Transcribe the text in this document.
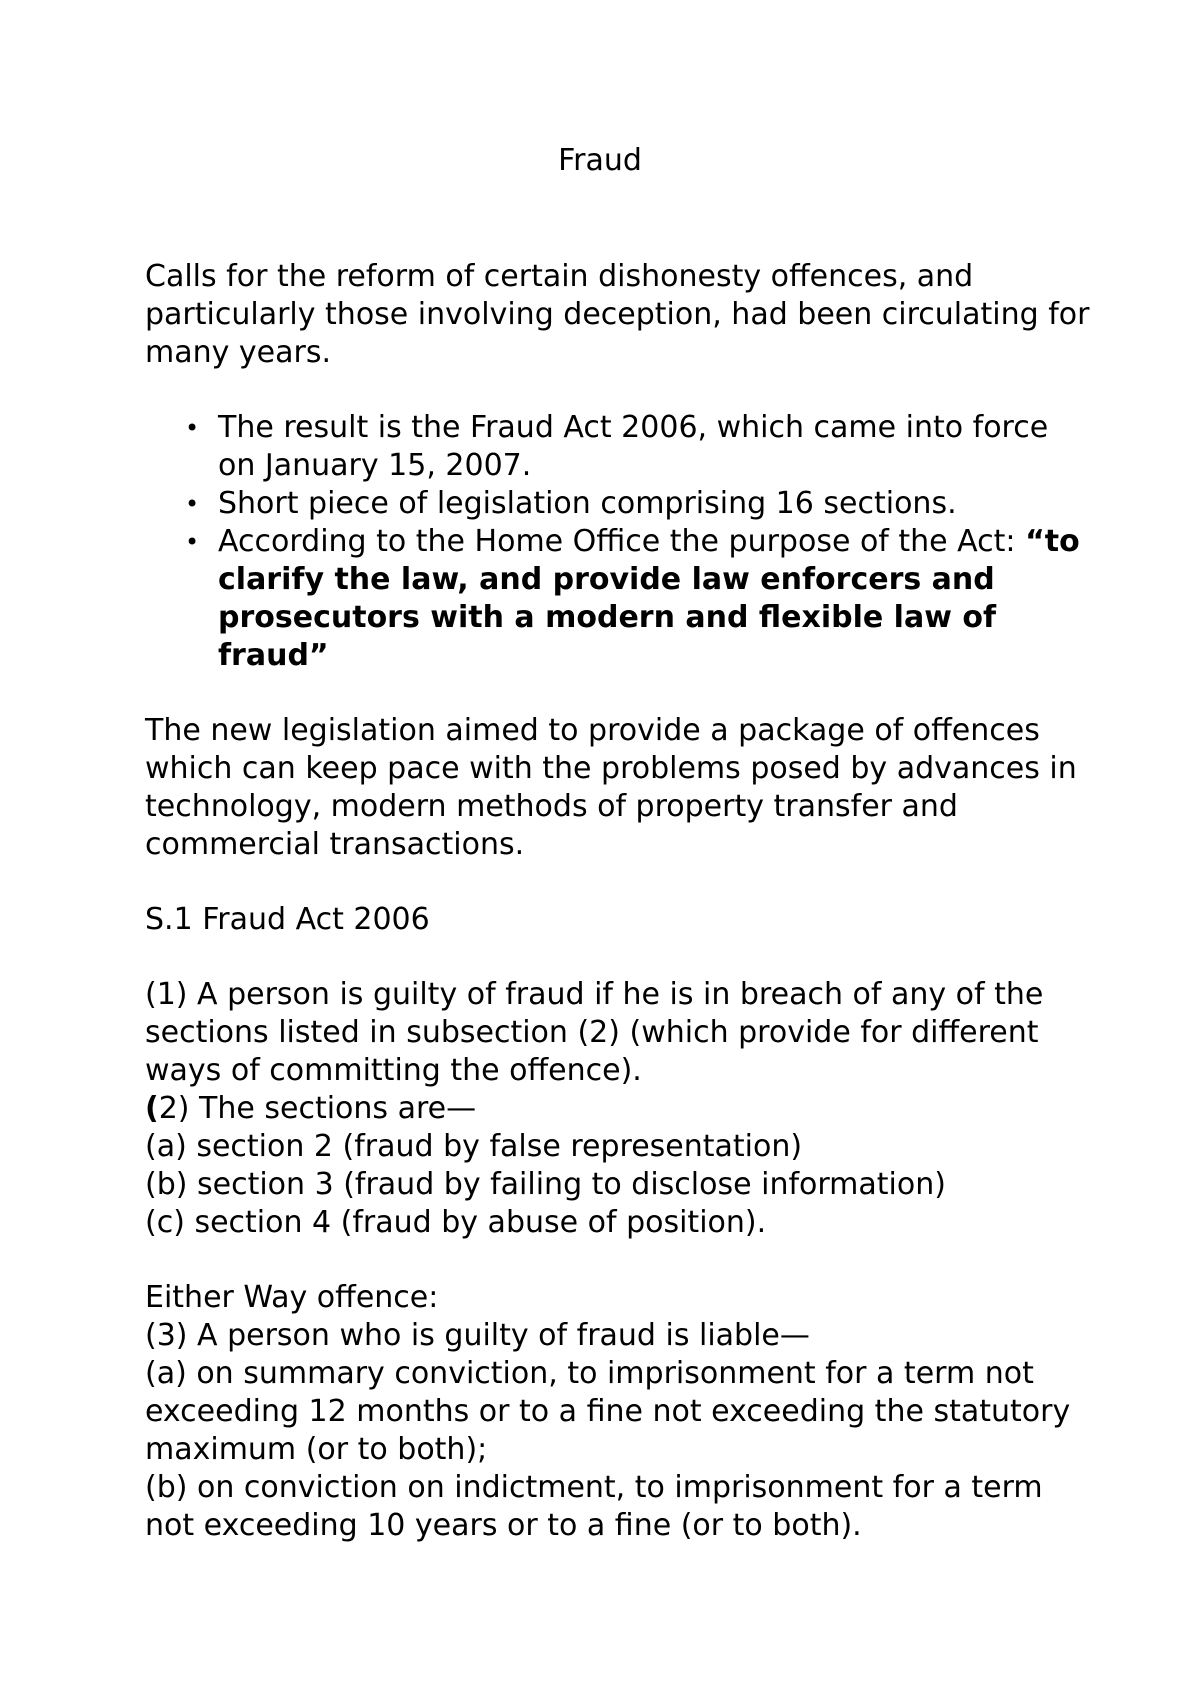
Fraud

Calls for the reform of certain dishonesty offences, and particularly those involving deception, had been circulating for many years.

• The result is the Fraud Act 2006, which came into force on January 15, 2007.
• Short piece of legislation comprising 16 sections.
• According to the Home Office the purpose of the Act: “to clarify the law, and provide law enforcers and prosecutors with a modern and flexible law of fraud”

The new legislation aimed to provide a package of offences which can keep pace with the problems posed by advances in technology, modern methods of property transfer and commercial transactions.

S.1 Fraud Act 2006

(1) A person is guilty of fraud if he is in breach of any of the sections listed in subsection (2) (which provide for different ways of committing the offence).

(2) The sections are—

(a) section 2 (fraud by false representation)

(b) section 3 (fraud by failing to disclose information)

(c) section 4 (fraud by abuse of position).

Either Way offence:

(3) A person who is guilty of fraud is liable—

(a) on summary conviction, to imprisonment for a term not exceeding 12 months or to a fine not exceeding the statutory maximum (or to both);

(b) on conviction on indictment, to imprisonment for a term not exceeding 10 years or to a fine (or to both).
